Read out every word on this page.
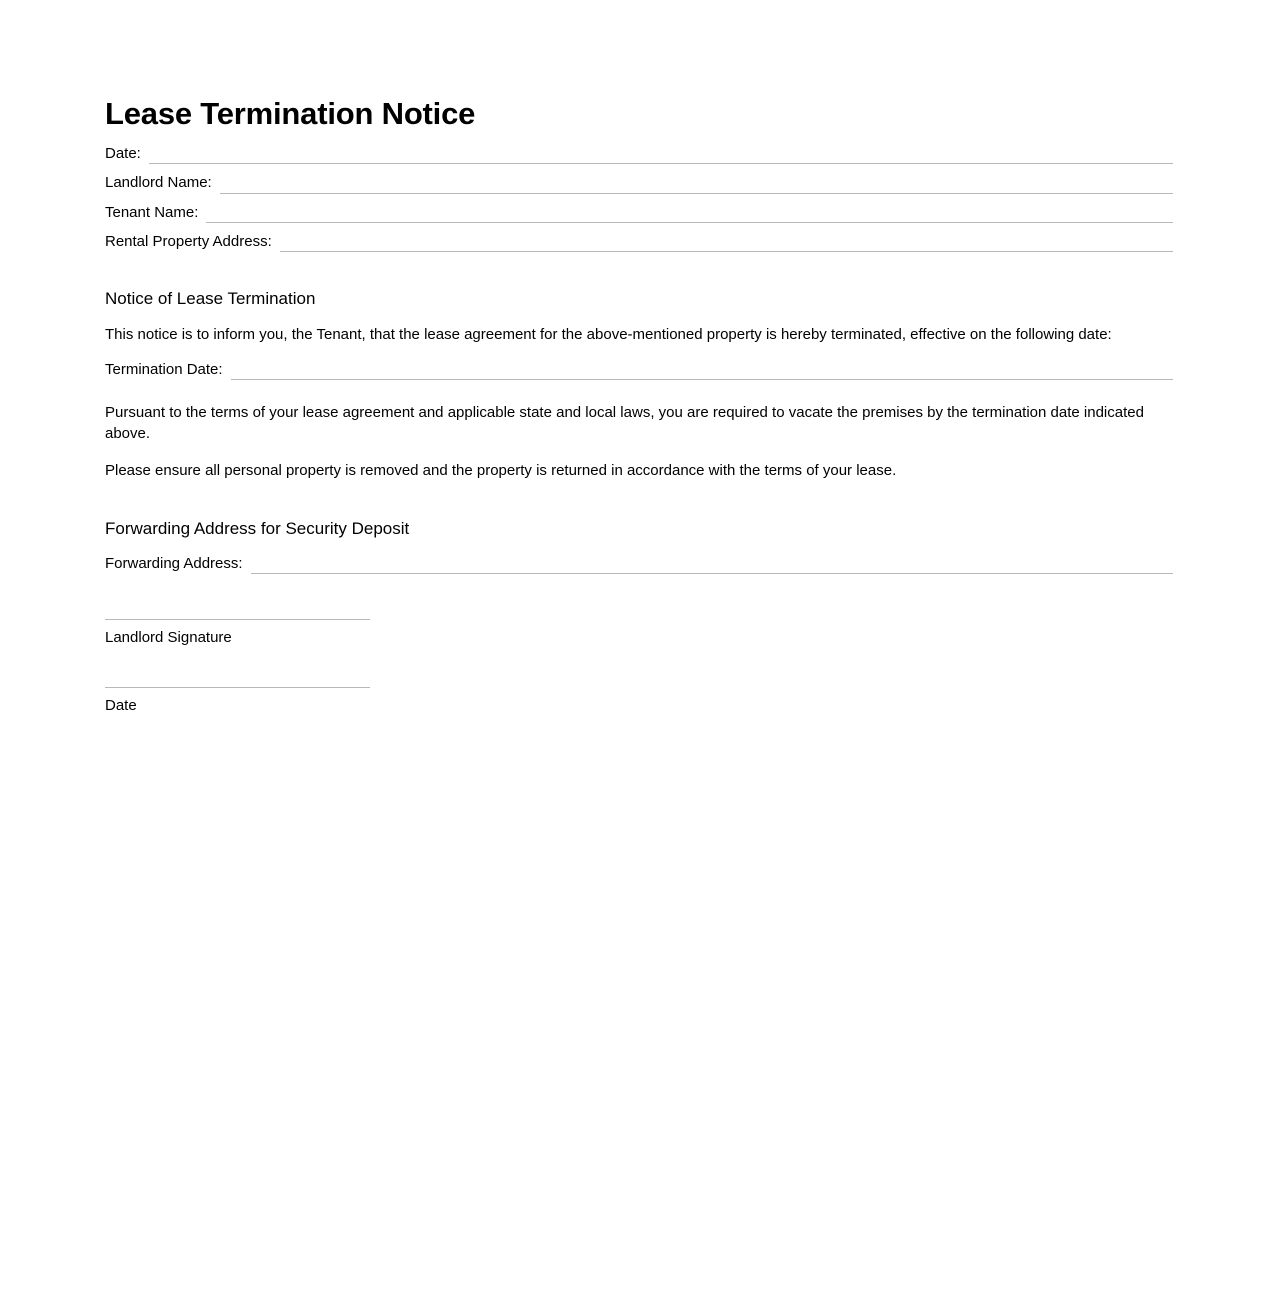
Lease Termination Notice
Date:
Landlord Name:
Tenant Name:
Rental Property Address:
Notice of Lease Termination

This notice is to inform you, the Tenant, that the lease agreement for the above-mentioned property is hereby terminated, effective on the following date:

Termination Date:

Pursuant to the terms of your lease agreement and applicable state and local laws, you are required to vacate the premises by the termination date indicated above.

Please ensure all personal property is removed and the property is returned in accordance with the terms of your lease.

Forwarding Address for Security Deposit
Forwarding Address:
Landlord Signature
Date
